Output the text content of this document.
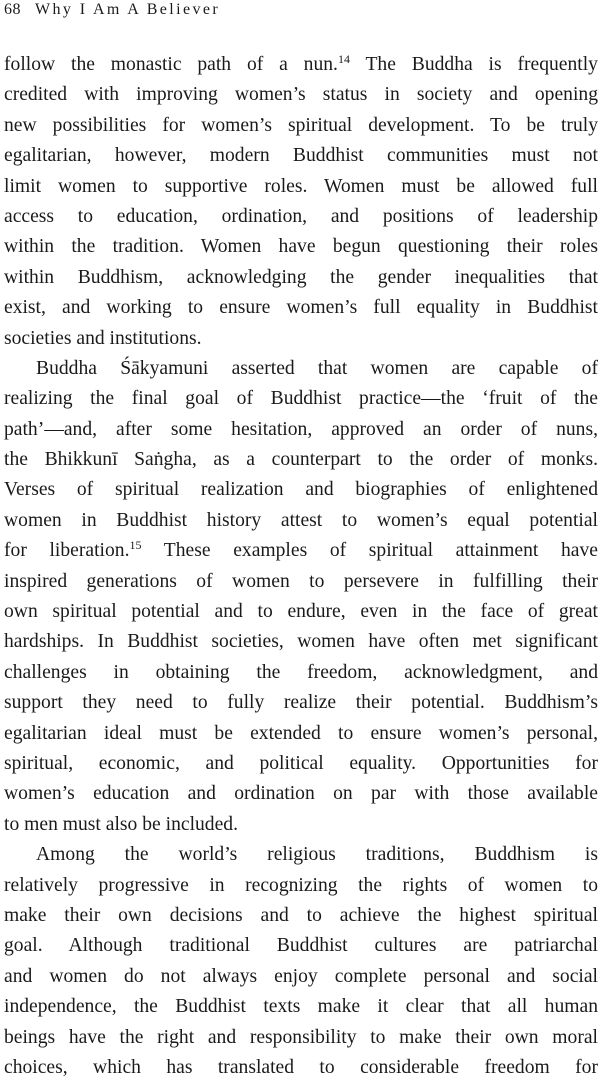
68 Why I Am A Believer
follow the monastic path of a nun.$^{14}$ The Buddha is frequently
credited with improving women’s status in society and opening
new possibilities for women’s spiritual development. To be truly
egalitarian, however, modern Buddhist communities must not
limit women to supportive roles. Women must be allowed full
access to education, ordination, and positions of leadership
within the tradition. Women have begun questioning their roles
within Buddhism, acknowledging the gender inequalities that
exist, and working to ensure women’s full equality in Buddhist
societies and institutions.
Buddha Śākyamuni asserted that women are capable of
realizing the final goal of Buddhist practice—the ‘fruit of the
path’—and, after some hesitation, approved an order of nuns,
the Bhikkunī Saṅgha, as a counterpart to the order of monks.
Verses of spiritual realization and biographies of enlightened
women in Buddhist history attest to women’s equal potential
for liberation.$^{15}$ These examples of spiritual attainment have
inspired generations of women to persevere in fulfilling their
own spiritual potential and to endure, even in the face of great
hardships. In Buddhist societies, women have often met significant
challenges in obtaining the freedom, acknowledgment, and
support they need to fully realize their potential. Buddhism’s
egalitarian ideal must be extended to ensure women’s personal,
spiritual, economic, and political equality. Opportunities for
women’s education and ordination on par with those available
to men must also be included.
Among the world’s religious traditions, Buddhism is
relatively progressive in recognizing the rights of women to
make their own decisions and to achieve the highest spiritual
goal. Although traditional Buddhist cultures are patriarchal
and women do not always enjoy complete personal and social
independence, the Buddhist texts make it clear that all human
beings have the right and responsibility to make their own moral
choices, which has translated to considerable freedom for
